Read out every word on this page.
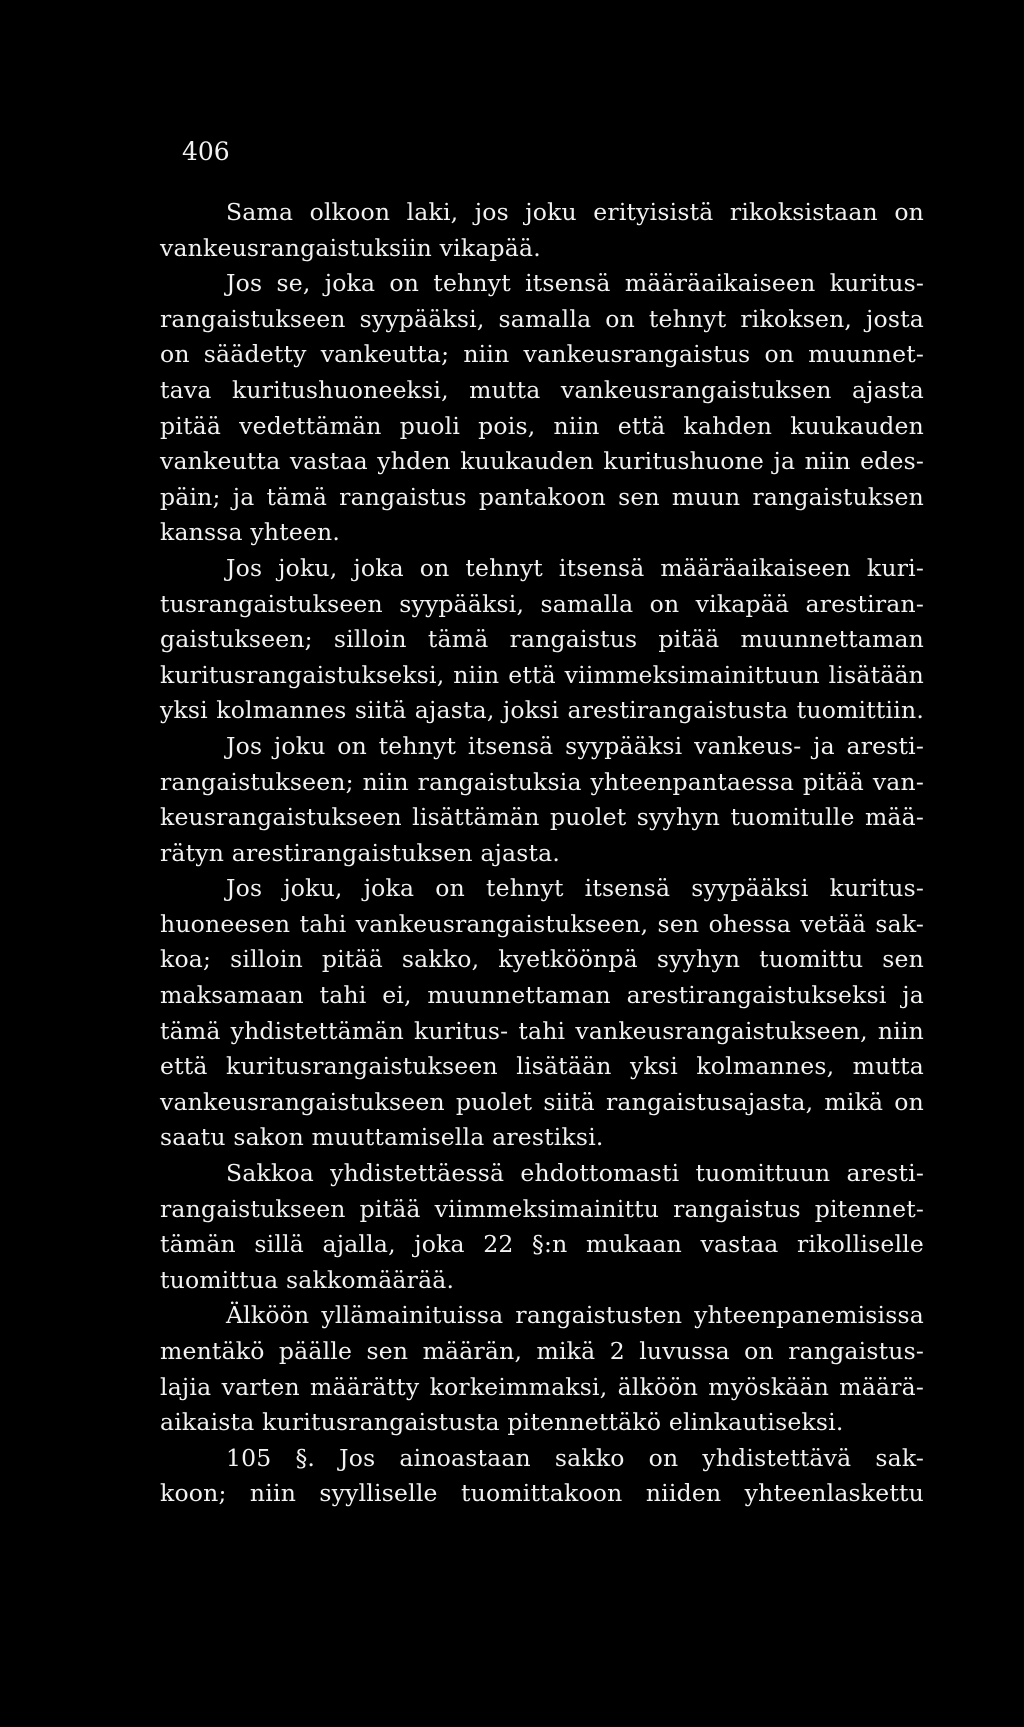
406

Sama olkoon laki, jos joku erityisistä rikoksistaan on
vankeusrangaistuksiin vikapää.
Jos se, joka on tehnyt itsensä määräaikaiseen kuritus-
rangaistukseen syypääksi, samalla on tehnyt rikoksen, josta
on säädetty vankeutta; niin vankeusrangaistus on muunnet-
tava kuritushuoneeksi, mutta vankeusrangaistuksen ajasta
pitää vedettämän puoli pois, niin että kahden kuukauden
vankeutta vastaa yhden kuukauden kuritushuone ja niin edes-
päin; ja tämä rangaistus pantakoon sen muun rangaistuksen
kanssa yhteen.
Jos joku, joka on tehnyt itsensä määräaikaiseen kuri-
tusrangaistukseen syypääksi, samalla on vikapää arestiran-
gaistukseen; silloin tämä rangaistus pitää muunnettaman
kuritusrangaistukseksi, niin että viimmeksimainittuun lisätään
yksi kolmannes siitä ajasta, joksi arestirangaistusta tuomittiin.
Jos joku on tehnyt itsensä syypääksi vankeus- ja aresti-
rangaistukseen; niin rangaistuksia yhteenpantaessa pitää van-
keusrangaistukseen lisättämän puolet syyhyn tuomitulle mää-
rätyn arestirangaistuksen ajasta.
Jos joku, joka on tehnyt itsensä syypääksi kuritus-
huoneesen tahi vankeusrangaistukseen, sen ohessa vetää sak-
koa; silloin pitää sakko, kyetköönpä syyhyn tuomittu sen
maksamaan tahi ei, muunnettaman arestirangaistukseksi ja
tämä yhdistettämän kuritus- tahi vankeusrangaistukseen, niin
että kuritusrangaistukseen lisätään yksi kolmannes, mutta
vankeusrangaistukseen puolet siitä rangaistusajasta, mikä on
saatu sakon muuttamisella arestiksi.
Sakkoa yhdistettäessä ehdottomasti tuomittuun aresti-
rangaistukseen pitää viimmeksimainittu rangaistus pitennet-
tämän sillä ajalla, joka 22 §:n mukaan vastaa rikolliselle
tuomittua sakkomäärää.
Älköön yllämainituissa rangaistusten yhteenpanemisissa
mentäkö päälle sen määrän, mikä 2 luvussa on rangaistus-
lajia varten määrätty korkeimmaksi, älköön myöskään määrä-
aikaista kuritusrangaistusta pitennettäkö elinkautiseksi.
105 §. Jos ainoastaan sakko on yhdistettävä sak-
koon; niin syylliselle tuomittakoon niiden yhteenlaskettu
